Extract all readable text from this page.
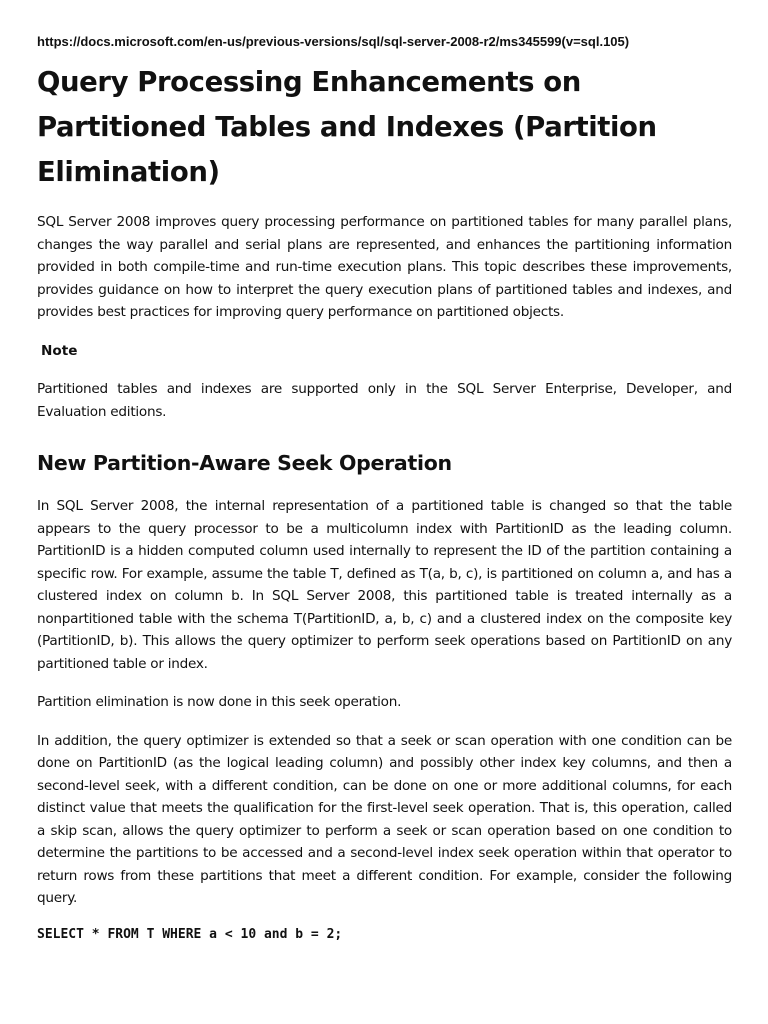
https://docs.microsoft.com/en-us/previous-versions/sql/sql-server-2008-r2/ms345599(v=sql.105)
Query Processing Enhancements on Partitioned Tables and Indexes (Partition Elimination)

SQL Server 2008 improves query processing performance on partitioned tables for many parallel plans, changes the way parallel and serial plans are represented, and enhances the partitioning information provided in both compile-time and run-time execution plans. This topic describes these improvements, provides guidance on how to interpret the query execution plans of partitioned tables and indexes, and provides best practices for improving query performance on partitioned objects.

Note

Partitioned tables and indexes are supported only in the SQL Server Enterprise, Developer, and Evaluation editions.

New Partition-Aware Seek Operation

In SQL Server 2008, the internal representation of a partitioned table is changed so that the table appears to the query processor to be a multicolumn index with PartitionID as the leading column. PartitionID is a hidden computed column used internally to represent the ID of the partition containing a specific row. For example, assume the table T, defined as T(a, b, c), is partitioned on column a, and has a clustered index on column b. In SQL Server 2008, this partitioned table is treated internally as a nonpartitioned table with the schema T(PartitionID, a, b, c) and a clustered index on the composite key (PartitionID, b). This allows the query optimizer to perform seek operations based on PartitionID on any partitioned table or index.

Partition elimination is now done in this seek operation.

In addition, the query optimizer is extended so that a seek or scan operation with one condition can be done on PartitionID (as the logical leading column) and possibly other index key columns, and then a second-level seek, with a different condition, can be done on one or more additional columns, for each distinct value that meets the qualification for the first-level seek operation. That is, this operation, called a skip scan, allows the query optimizer to perform a seek or scan operation based on one condition to determine the partitions to be accessed and a second-level index seek operation within that operator to return rows from these partitions that meet a different condition. For example, consider the following query.

SELECT * FROM T WHERE a < 10 and b = 2;
